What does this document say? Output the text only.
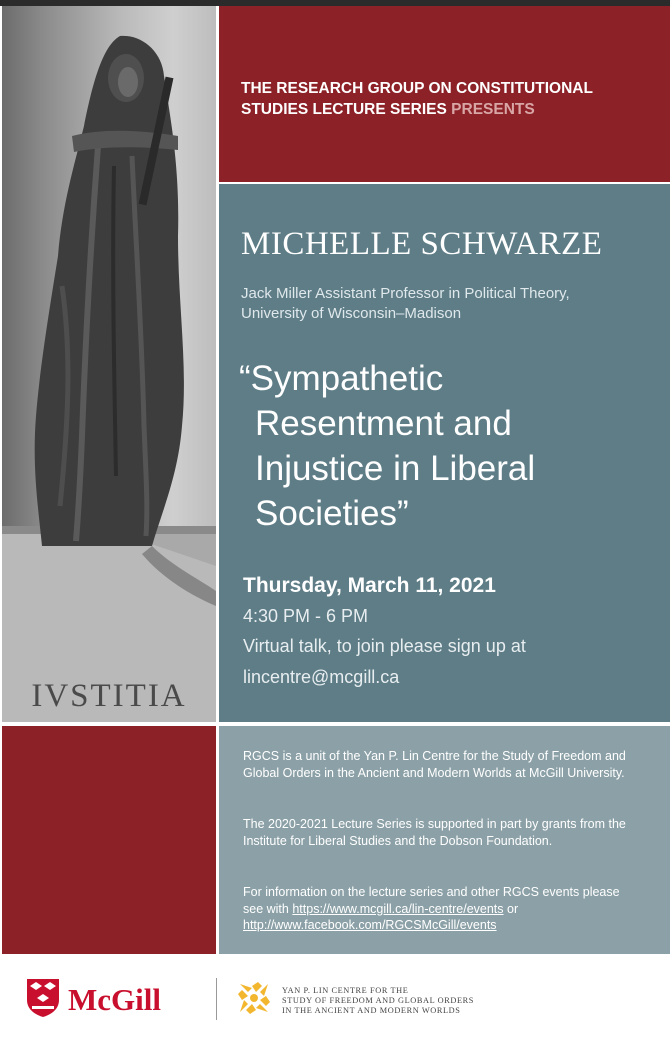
IVSTITIA
THE RESEARCH GROUP ON CONSTITUTIONAL
STUDIES LECTURE SERIES PRESENTS
MICHELLE SCHWARZE
Jack Miller Assistant Professor in Political Theory,
University of Wisconsin–Madison
“Sympathetic
Resentment and
Injustice in Liberal
Societies”
Thursday, March 11, 2021
4:30 PM - 6 PM
Virtual talk, to join please sign up at
lincentre@mcgill.ca

RGCS is a unit of the Yan P. Lin Centre for the Study of Freedom and Global Orders in the Ancient and Modern Worlds at McGill University.

The 2020-2021 Lecture Series is supported in part by grants from the Institute for Liberal Studies and the Dobson Foundation.

For information on the lecture series and other RGCS events please see with https://www.mcgill.ca/lin-centre/events or http://www.facebook.com/RGCSMcGill/events

McGill	YAN P. LIN CENTRE FOR THE
STUDY OF FREEDOM AND GLOBAL ORDERS
IN THE ANCIENT AND MODERN WORLDS
